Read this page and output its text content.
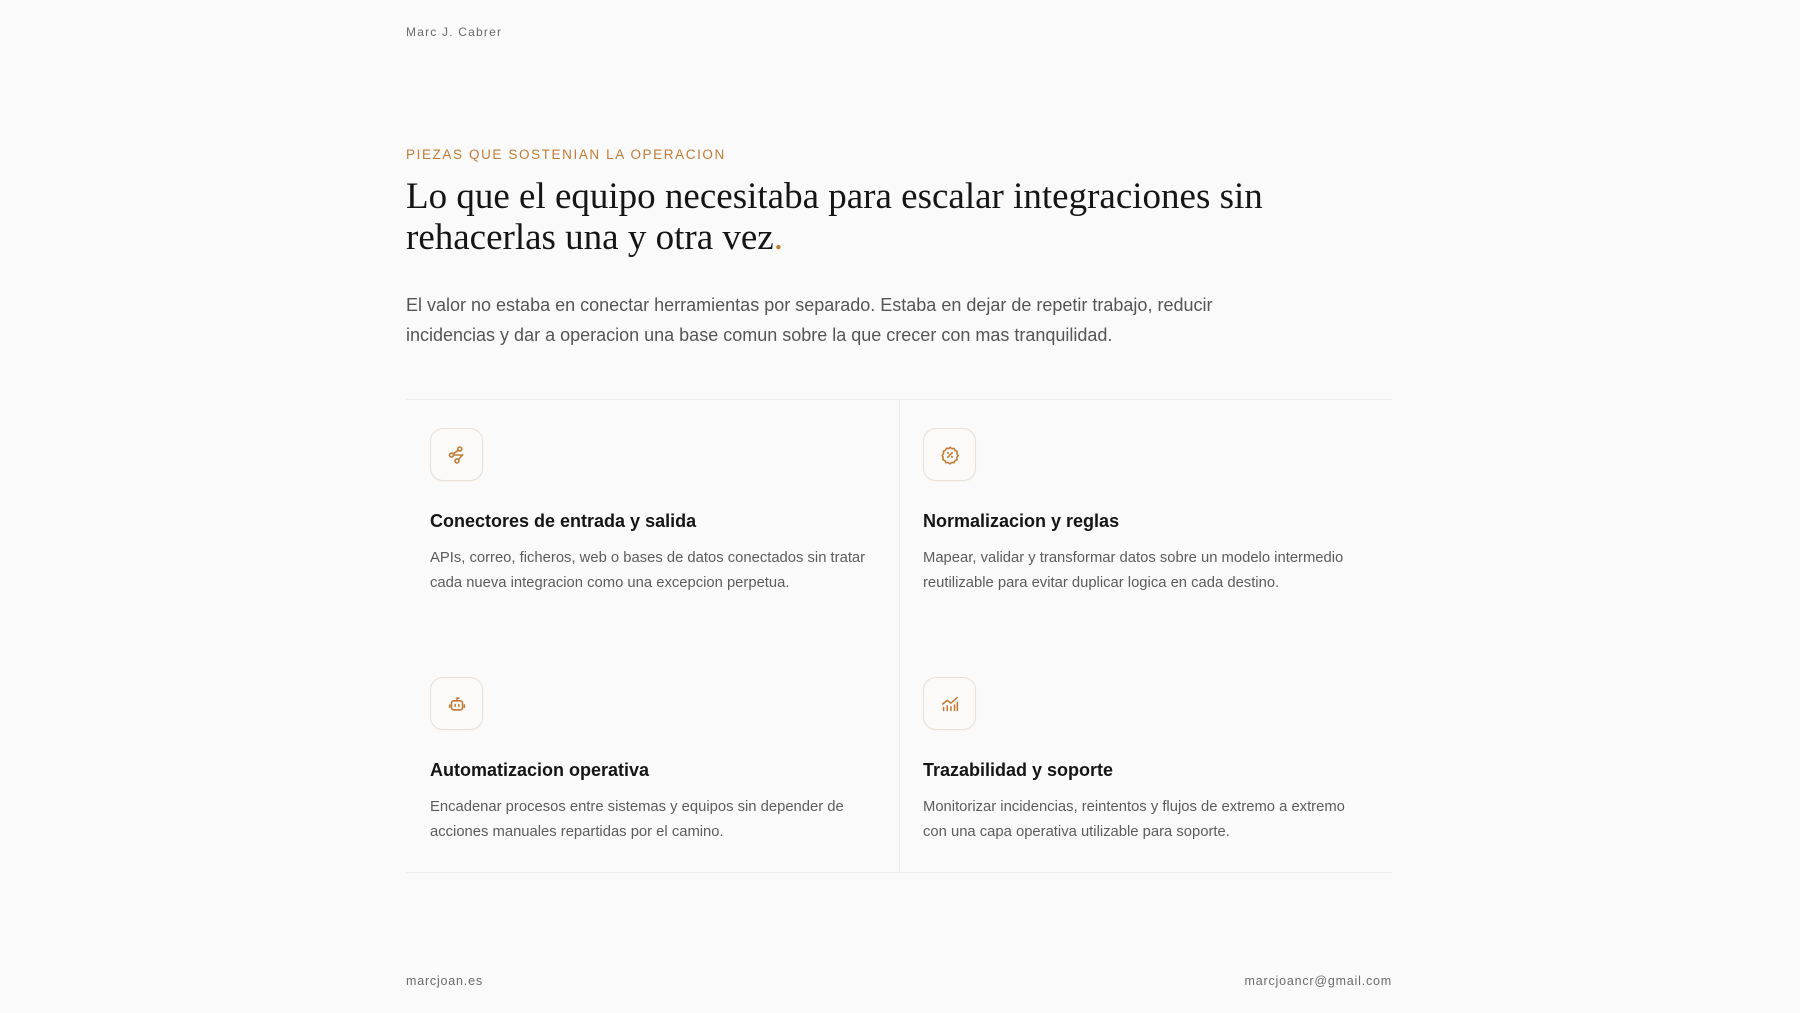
Marc J. Cabrer
PIEZAS QUE SOSTENIAN LA OPERACION
Lo que el equipo necesitaba para escalar integraciones sin rehacerlas una y otra vez.

El valor no estaba en conectar herramientas por separado. Estaba en dejar de repetir trabajo, reducir incidencias y dar a operacion una base comun sobre la que crecer con mas tranquilidad.

Conectores de entrada y salida

APIs, correo, ficheros, web o bases de datos conectados sin tratar cada nueva integracion como una excepcion perpetua.

Normalizacion y reglas

Mapear, validar y transformar datos sobre un modelo intermedio reutilizable para evitar duplicar logica en cada destino.

Automatizacion operativa

Encadenar procesos entre sistemas y equipos sin depender de acciones manuales repartidas por el camino.

Trazabilidad y soporte

Monitorizar incidencias, reintentos y flujos de extremo a extremo con una capa operativa utilizable para soporte.

marcjoan.es	marcjoancr@gmail.com
